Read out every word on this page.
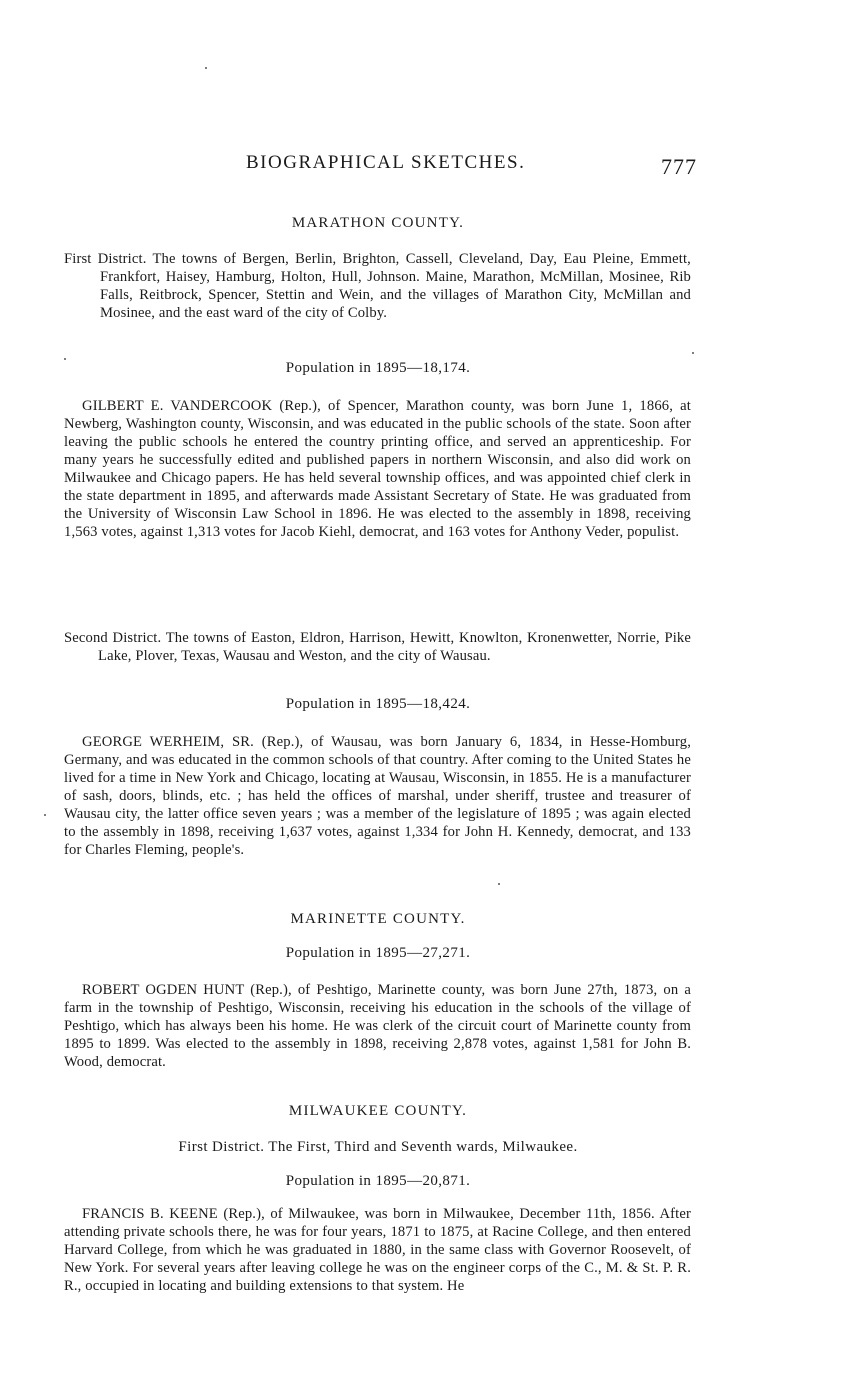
BIOGRAPHICAL SKETCHES.	777
MARATHON COUNTY.
First District. The towns of Bergen, Berlin, Brighton, Cassell, Cleveland, Day, Eau Pleine, Emmett, Frankfort, Haisey, Hamburg, Holton, Hull, Johnson. Maine, Marathon, McMillan, Mosinee, Rib Falls, Reitbrock, Spencer, Stettin and Wein, and the villages of Marathon City, McMillan and Mosinee, and the east ward of the city of Colby.
Population in 1895—18,174.
GILBERT E. VANDERCOOK (Rep.), of Spencer, Marathon county, was born June 1, 1866, at Newberg, Washington county, Wisconsin, and was educated in the public schools of the state. Soon after leaving the public schools he entered the country printing office, and served an apprenticeship. For many years he successfully edited and published papers in northern Wisconsin, and also did work on Milwaukee and Chicago papers. He has held several township offices, and was appointed chief clerk in the state department in 1895, and afterwards made Assistant Secretary of State. He was graduated from the University of Wisconsin Law School in 1896. He was elected to the assembly in 1898, receiving 1,563 votes, against 1,313 votes for Jacob Kiehl, democrat, and 163 votes for Anthony Veder, populist.
Second District. The towns of Easton, Eldron, Harrison, Hewitt, Knowlton, Kronenwetter, Norrie, Pike Lake, Plover, Texas, Wausau and Weston, and the city of Wausau.
Population in 1895—18,424.
GEORGE WERHEIM, SR. (Rep.), of Wausau, was born January 6, 1834, in Hesse-Homburg, Germany, and was educated in the common schools of that country. After coming to the United States he lived for a time in New York and Chicago, locating at Wausau, Wisconsin, in 1855. He is a manufacturer of sash, doors, blinds, etc. ; has held the offices of marshal, under sheriff, trustee and treasurer of Wausau city, the latter office seven years ; was a member of the legislature of 1895 ; was again elected to the assembly in 1898, receiving 1,637 votes, against 1,334 for John H. Kennedy, democrat, and 133 for Charles Fleming, people's.
MARINETTE COUNTY.
Population in 1895—27,271.
ROBERT OGDEN HUNT (Rep.), of Peshtigo, Marinette county, was born June 27th, 1873, on a farm in the township of Peshtigo, Wisconsin, receiving his education in the schools of the village of Peshtigo, which has always been his home. He was clerk of the circuit court of Marinette county from 1895 to 1899. Was elected to the assembly in 1898, receiving 2,878 votes, against 1,581 for John B. Wood, democrat.
MILWAUKEE COUNTY.
First District. The First, Third and Seventh wards, Milwaukee.
Population in 1895—20,871.
FRANCIS B. KEENE (Rep.), of Milwaukee, was born in Milwaukee, December 11th, 1856. After attending private schools there, he was for four years, 1871 to 1875, at Racine College, and then entered Harvard College, from which he was graduated in 1880, in the same class with Governor Roosevelt, of New York. For several years after leaving college he was on the engineer corps of the C., M. & St. P. R. R., occupied in locating and building extensions to that system. He
